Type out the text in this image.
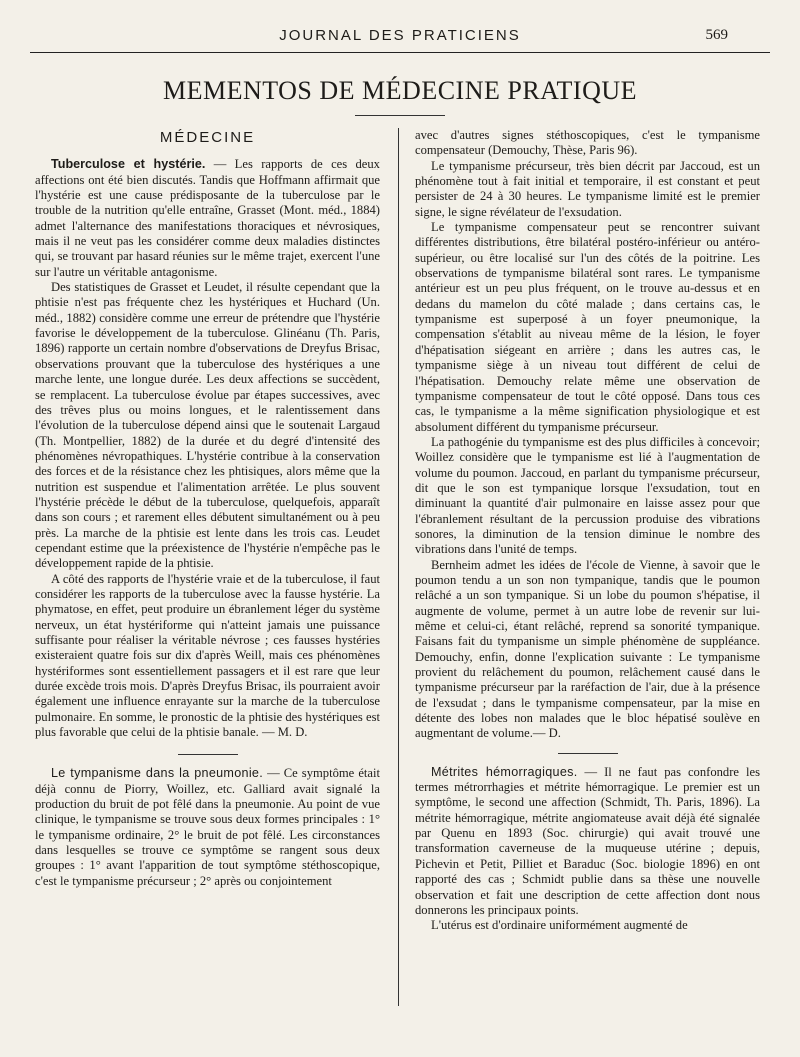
JOURNAL DES PRATICIENS	569
MEMENTOS DE MÉDECINE PRATIQUE
MÉDECINE

Tuberculose et hystérie. — Les rapports de ces deux affections ont été bien discutés. Tandis que Hoffmann affirmait que l'hystérie est une cause prédisposante de la tuberculose par le trouble de la nutrition qu'elle entraîne, Grasset (Mont. méd., 1884) admet l'alternance des manifestations thoraciques et névrosiques, mais il ne veut pas les considérer comme deux maladies distinctes qui, se trouvant par hasard réunies sur le même trajet, exercent l'une sur l'autre un véritable antagonisme.

Des statistiques de Grasset et Leudet, il résulte cependant que la phtisie n'est pas fréquente chez les hystériques et Huchard (Un. méd., 1882) considère comme une erreur de prétendre que l'hystérie favorise le développement de la tuberculose. Glinéanu (Th. Paris, 1896) rapporte un certain nombre d'observations de Dreyfus Brisac, observations prouvant que la tuberculose des hystériques a une marche lente, une longue durée. Les deux affections se succèdent, se remplacent. La tuberculose évolue par étapes successives, avec des trêves plus ou moins longues, et le ralentissement dans l'évolution de la tuberculose dépend ainsi que le soutenait Largaud (Th. Montpellier, 1882) de la durée et du degré d'intensité des phénomènes névropathiques. L'hystérie contribue à la conservation des forces et de la résistance chez les phtisiques, alors même que la nutrition est suspendue et l'alimentation arrêtée. Le plus souvent l'hystérie précède le début de la tuberculose, quelquefois, apparaît dans son cours ; et rarement elles débutent simultanément ou à peu près. La marche de la phtisie est lente dans les trois cas. Leudet cependant estime que la préexistence de l'hystérie n'empêche pas le développement rapide de la phtisie.

A côté des rapports de l'hystérie vraie et de la tuberculose, il faut considérer les rapports de la tuberculose avec la fausse hystérie. La phymatose, en effet, peut produire un ébranlement léger du système nerveux, un état hystériforme qui n'atteint jamais une puissance suffisante pour réaliser la véritable névrose ; ces fausses hystéries existeraient quatre fois sur dix d'après Weill, mais ces phénomènes hystériformes sont essentiellement passagers et il est rare que leur durée excède trois mois. D'après Dreyfus Brisac, ils pourraient avoir également une influence enrayante sur la marche de la tuberculose pulmonaire. En somme, le pronostic de la phtisie des hystériques est plus favorable que celui de la phtisie banale. — M. D.

Le tympanisme dans la pneumonie. — Ce symptôme était déjà connu de Piorry, Woillez, etc. Galliard avait signalé la production du bruit de pot fêlé dans la pneumonie. Au point de vue clinique, le tympanisme se trouve sous deux formes principales : 1° le tympanisme ordinaire, 2° le bruit de pot fêlé. Les circonstances dans lesquelles se trouve ce symptôme se rangent sous deux groupes : 1° avant l'apparition de tout symptôme stéthoscopique, c'est le tympanisme précurseur ; 2° après ou conjointement

avec d'autres signes stéthoscopiques, c'est le tympanisme compensateur (Demouchy, Thèse, Paris 96).

Le tympanisme précurseur, très bien décrit par Jaccoud, est un phénomène tout à fait initial et temporaire, il est constant et peut persister de 24 à 30 heures. Le tympanisme limité est le premier signe, le signe révélateur de l'exsudation.

Le tympanisme compensateur peut se rencontrer suivant différentes distributions, être bilatéral postéro-inférieur ou antéro-supérieur, ou être localisé sur l'un des côtés de la poitrine. Les observations de tympanisme bilatéral sont rares. Le tympanisme antérieur est un peu plus fréquent, on le trouve au-dessus et en dedans du mamelon du côté malade ; dans certains cas, le tympanisme est superposé à un foyer pneumonique, la compensation s'établit au niveau même de la lésion, le foyer d'hépatisation siégeant en arrière ; dans les autres cas, le tympanisme siège à un niveau tout différent de celui de l'hépatisation. Demouchy relate même une observation de tympanisme compensateur de tout le côté opposé. Dans tous ces cas, le tympanisme a la même signification physiologique et est absolument différent du tympanisme précurseur.

La pathogénie du tympanisme est des plus difficiles à concevoir; Woillez considère que le tympanisme est lié à l'augmentation de volume du poumon. Jaccoud, en parlant du tympanisme précurseur, dit que le son est tympanique lorsque l'exsudation, tout en diminuant la quantité d'air pulmonaire en laisse assez pour que l'ébranlement résultant de la percussion produise des vibrations sonores, la diminution de la tension diminue le nombre des vibrations dans l'unité de temps.

Bernheim admet les idées de l'école de Vienne, à savoir que le poumon tendu a un son non tympanique, tandis que le poumon relâché a un son tympanique. Si un lobe du poumon s'hépatise, il augmente de volume, permet à un autre lobe de revenir sur lui-même et celui-ci, étant relâché, reprend sa sonorité tympanique. Faisans fait du tympanisme un simple phénomène de suppléance. Demouchy, enfin, donne l'explication suivante : Le tympanisme provient du relâchement du poumon, relâchement causé dans le tympanisme précurseur par la raréfaction de l'air, due à la présence de l'exsudat ; dans le tympanisme compensateur, par la mise en détente des lobes non malades que le bloc hépatisé soulève en augmentant de volume.— D.

Métrites hémorragiques. — Il ne faut pas confondre les termes métrorrhagies et métrite hémorragique. Le premier est un symptôme, le second une affection (Schmidt, Th. Paris, 1896). La métrite hémorragique, métrite angiomateuse avait déjà été signalée par Quenu en 1893 (Soc. chirurgie) qui avait trouvé une transformation caverneuse de la muqueuse utérine ; depuis, Pichevin et Petit, Pilliet et Baraduc (Soc. biologie 1896) en ont rapporté des cas ; Schmidt publie dans sa thèse une nouvelle observation et fait une description de cette affection dont nous donnerons les principaux points.

L'utérus est d'ordinaire uniformément augmenté de
